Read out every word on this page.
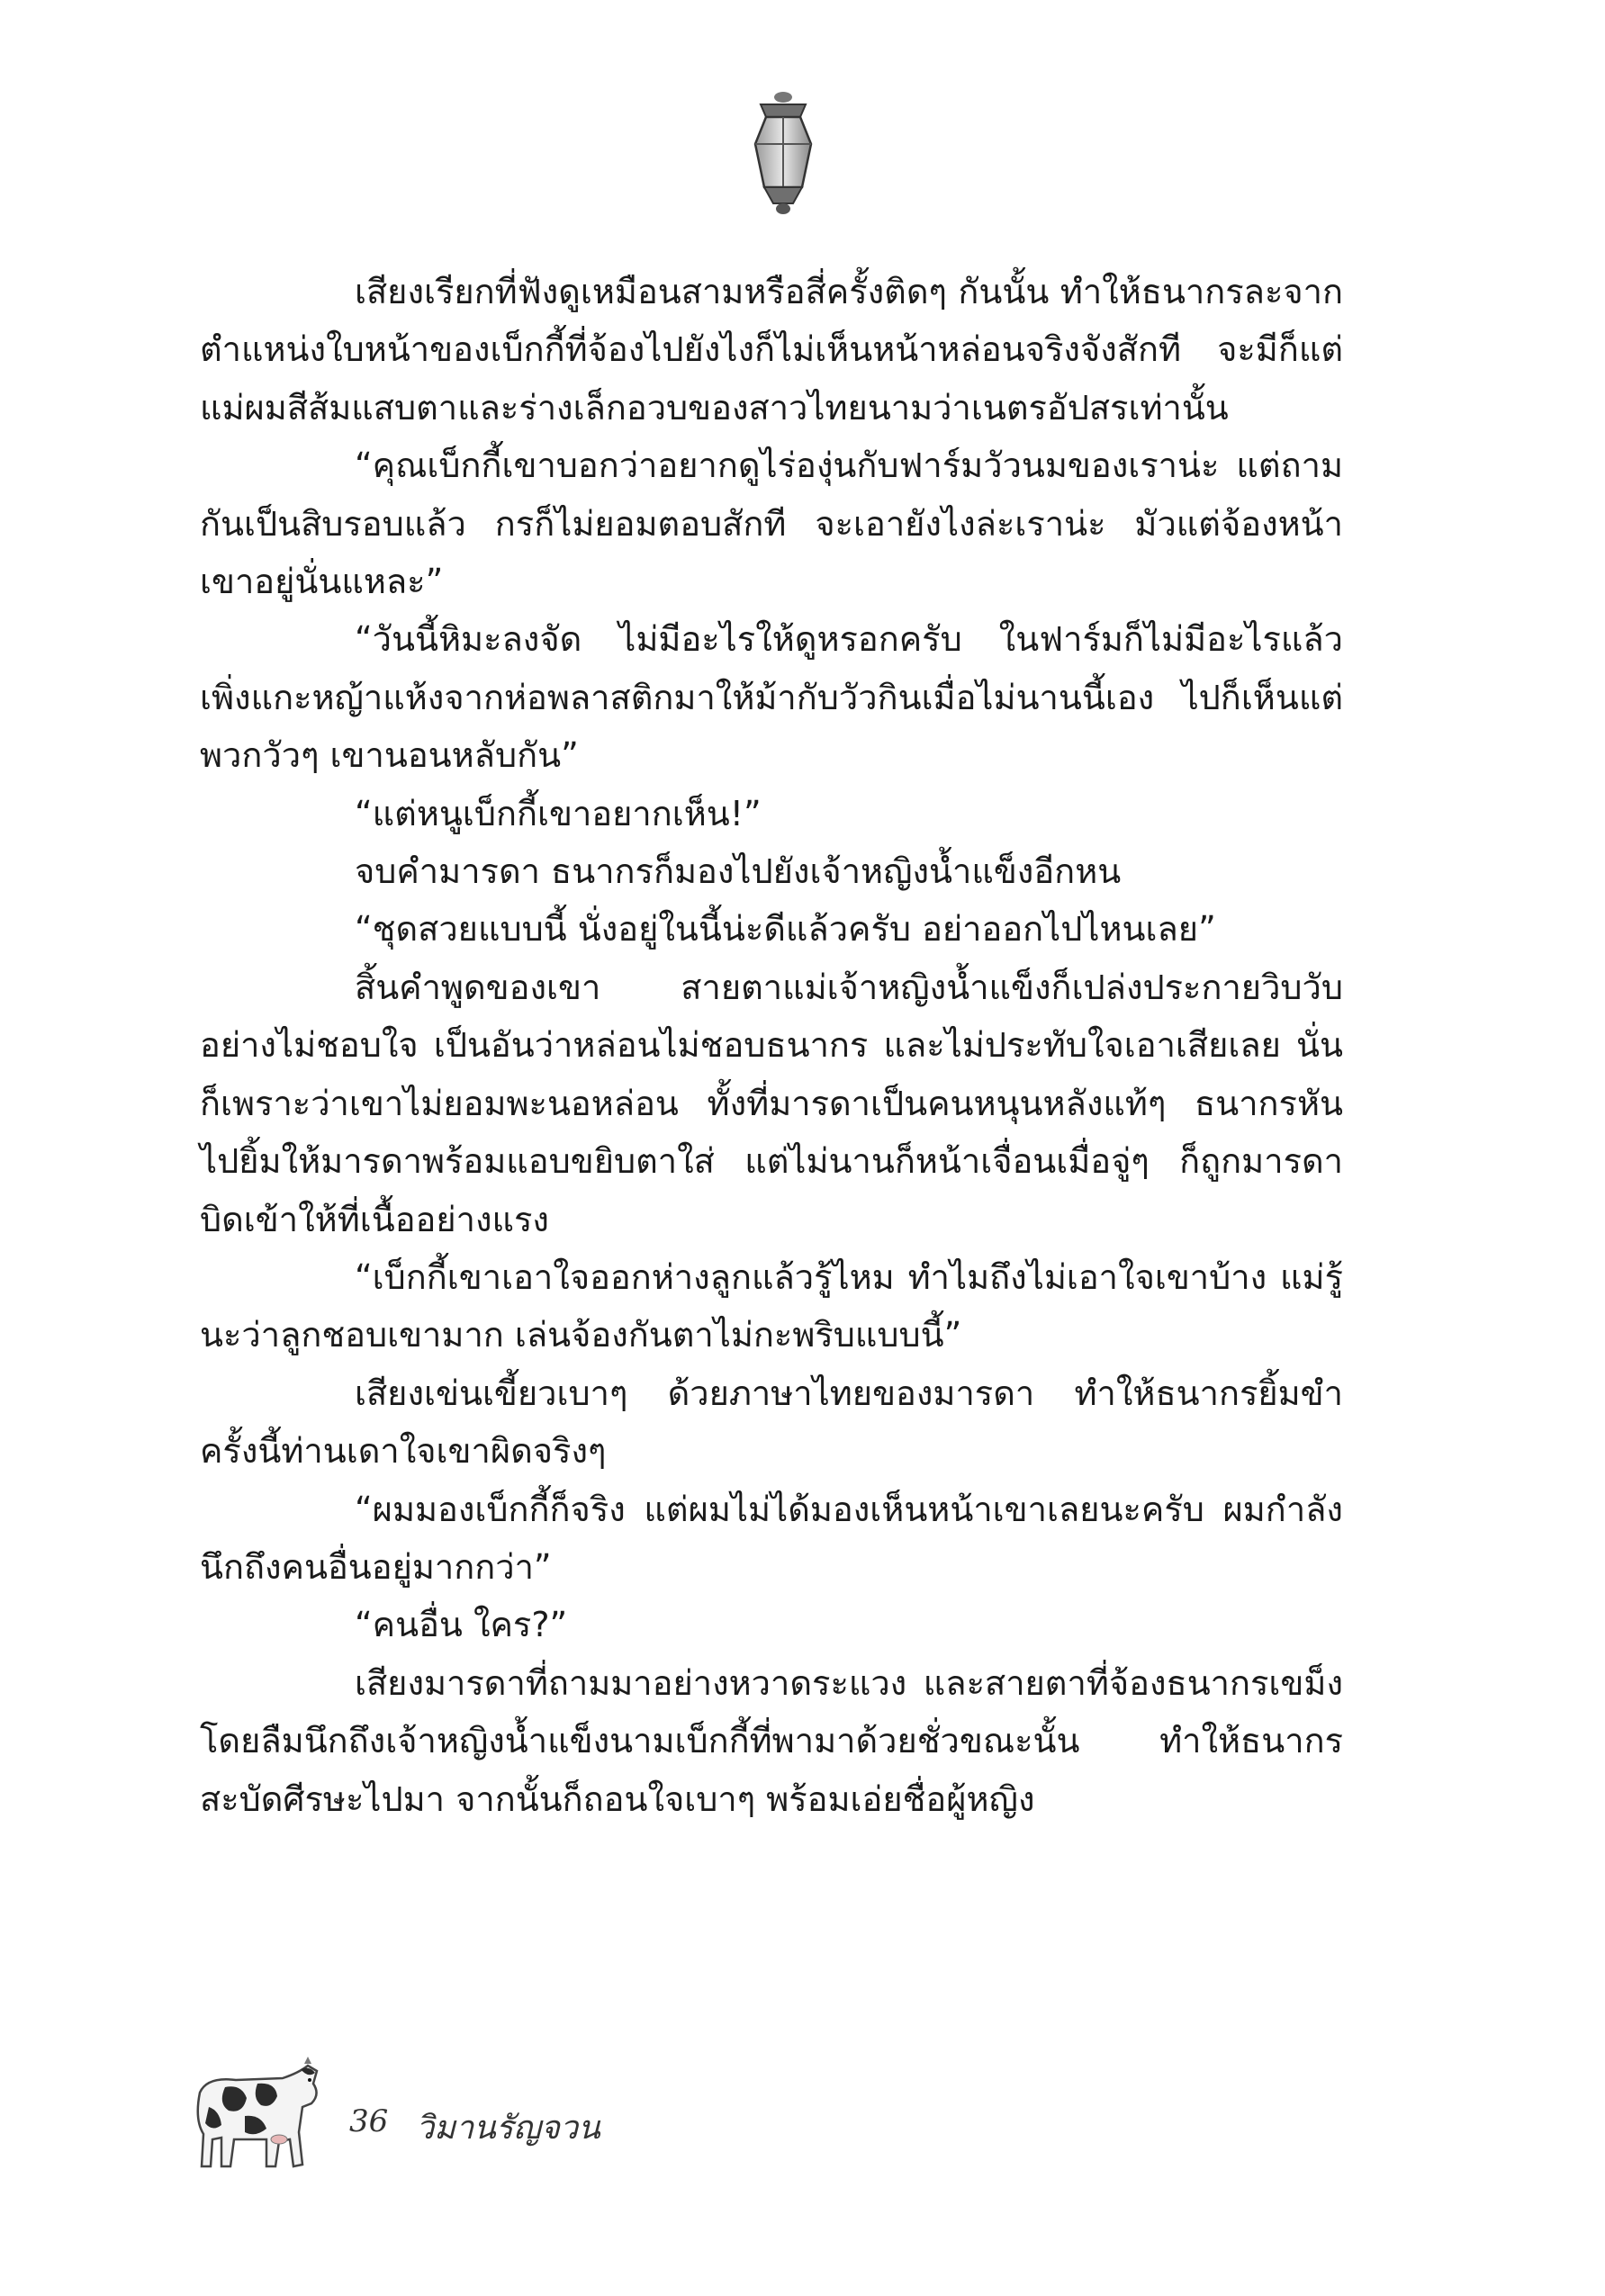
เสียงเรียกที่ฟังดูเหมือนสามหรือสี่ครั้งติดๆ กันนั้น ทำให้ธนากรละจากตำแหน่งใบหน้าของเบ็กกี้ที่จ้องไปยังไงก็ไม่เห็นหน้าหล่อนจริงจังสักที จะมีก็แต่แม่ผมสีส้มแสบตาและร่างเล็กอวบของสาวไทยนามว่าเนตรอัปสรเท่านั้น

“คุณเบ็กกี้เขาบอกว่าอยากดูไร่องุ่นกับฟาร์มวัวนมของเราน่ะ แต่ถามกันเป็นสิบรอบแล้ว กรก็ไม่ยอมตอบสักที จะเอายังไงล่ะเราน่ะ มัวแต่จ้องหน้าเขาอยู่นั่นแหละ”

“วันนี้หิมะลงจัด ไม่มีอะไรให้ดูหรอกครับ ในฟาร์มก็ไม่มีอะไรแล้ว เพิ่งแกะหญ้าแห้งจากห่อพลาสติกมาให้ม้ากับวัวกินเมื่อไม่นานนี้เอง ไปก็เห็นแต่พวกวัวๆ เขานอนหลับกัน”

“แต่หนูเบ็กกี้เขาอยากเห็น!”

จบคำมารดา ธนากรก็มองไปยังเจ้าหญิงน้ำแข็งอีกหน

“ชุดสวยแบบนี้ นั่งอยู่ในนี้น่ะดีแล้วครับ อย่าออกไปไหนเลย”

สิ้นคำพูดของเขา สายตาแม่เจ้าหญิงน้ำแข็งก็เปล่งประกายวิบวับอย่างไม่ชอบใจ เป็นอันว่าหล่อนไม่ชอบธนากร และไม่ประทับใจเอาเสียเลย นั่นก็เพราะว่าเขาไม่ยอมพะนอหล่อน ทั้งที่มารดาเป็นคนหนุนหลังแท้ๆ ธนากรหันไปยิ้มให้มารดาพร้อมแอบขยิบตาใส่ แต่ไม่นานก็หน้าเจื่อนเมื่อจู่ๆ ก็ถูกมารดาบิดเข้าให้ที่เนื้ออย่างแรง

“เบ็กกี้เขาเอาใจออกห่างลูกแล้วรู้ไหม ทำไมถึงไม่เอาใจเขาบ้าง แม่รู้นะว่าลูกชอบเขามาก เล่นจ้องกันตาไม่กะพริบแบบนี้”

เสียงเข่นเขี้ยวเบาๆ ด้วยภาษาไทยของมารดา ทำให้ธนากรยิ้มขำ ครั้งนี้ท่านเดาใจเขาผิดจริงๆ

“ผมมองเบ็กกี้ก็จริง แต่ผมไม่ได้มองเห็นหน้าเขาเลยนะครับ ผมกำลังนึกถึงคนอื่นอยู่มากกว่า”

“คนอื่น ใคร?”

เสียงมารดาที่ถามมาอย่างหวาดระแวง และสายตาที่จ้องธนากรเขม็ง โดยลืมนึกถึงเจ้าหญิงน้ำแข็งนามเบ็กกี้ที่พามาด้วยชั่วขณะนั้น ทำให้ธนากรสะบัดศีรษะไปมา จากนั้นก็ถอนใจเบาๆ พร้อมเอ่ยชื่อผู้หญิง

36 วิมานรัญจวน
